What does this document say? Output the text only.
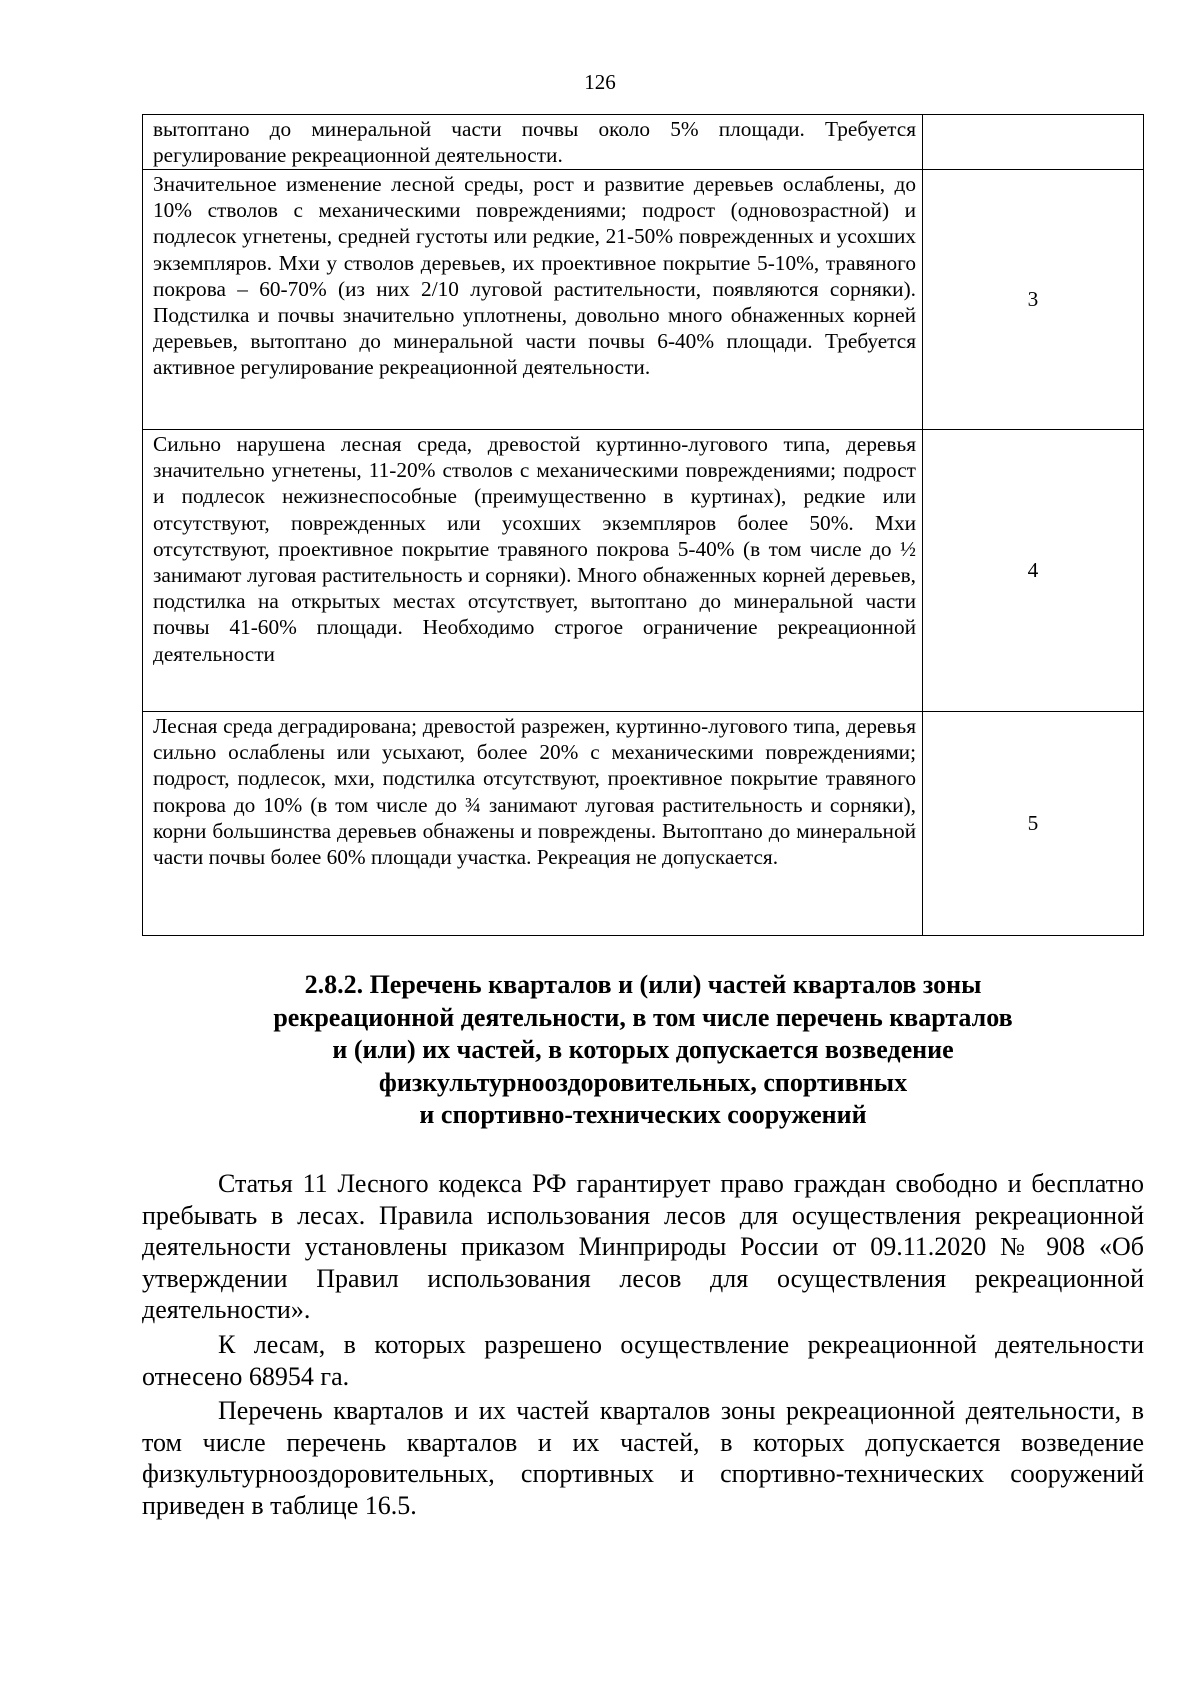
126
вытоптано до минеральной части почвы около 5% площади. Требуется регулирование рекреационной деятельности.	
Значительное изменение лесной среды, рост и развитие деревьев ослаблены, до 10% стволов с механическими повреждениями; подрост (одновозрастной) и подлесок угнетены, средней густоты или редкие, 21-50% поврежденных и усохших экземпляров. Мхи у стволов деревьев, их проективное покрытие 5-10%, травяного покрова – 60-70% (из них 2/10 луговой растительности, появляются сорняки). Подстилка и почвы значительно уплотнены, довольно много обнаженных корней деревьев, вытоптано до минеральной части почвы 6-40% площади. Требуется активное регулирование рекреационной деятельности.	3
Сильно нарушена лесная среда, древостой куртинно-лугового типа, деревья значительно угнетены, 11-20% стволов с механическими повреждениями; подрост и подлесок нежизнеспособные (преимущественно в куртинах), редкие или отсутствуют, поврежденных или усохших экземпляров более 50%. Мхи отсутствуют, проективное покрытие травяного покрова 5-40% (в том числе до ½ занимают луговая растительность и сорняки). Много обнаженных корней деревьев, подстилка на открытых местах отсутствует, вытоптано до минеральной части почвы 41-60% площади. Необходимо строгое ограничение рекреационной деятельности	4
Лесная среда деградирована; древостой разрежен, куртинно-лугового типа, деревья сильно ослаблены или усыхают, более 20% с механическими повреждениями; подрост, подлесок, мхи, подстилка отсутствуют, проективное покрытие травяного покрова до 10% (в том числе до ¾ занимают луговая растительность и сорняки), корни большинства деревьев обнажены и повреждены. Вытоптано до минеральной части почвы более 60% площади участка. Рекреация не допускается.	5
2.8.2. Перечень кварталов и (или) частей кварталов зоны
рекреационной деятельности, в том числе перечень кварталов
и (или) их частей, в которых допускается возведение
физкультурнооздоровительных, спортивных
и спортивно-технических сооружений

Статья 11 Лесного кодекса РФ гарантирует право граждан свободно и бесплатно пребывать в лесах. Правила использования лесов для осуществления рекреационной деятельности установлены приказом Минприроды России от 09.11.2020 № 908 «Об утверждении Правил использования лесов для осуществления рекреационной деятельности».

К лесам, в которых разрешено осуществление рекреационной деятельности отнесено 68954 га.

Перечень кварталов и их частей кварталов зоны рекреационной деятельности, в том числе перечень кварталов и их частей, в которых допускается возведение физкультурнооздоровительных, спортивных и спортивно-технических сооружений приведен в таблице 16.5.
